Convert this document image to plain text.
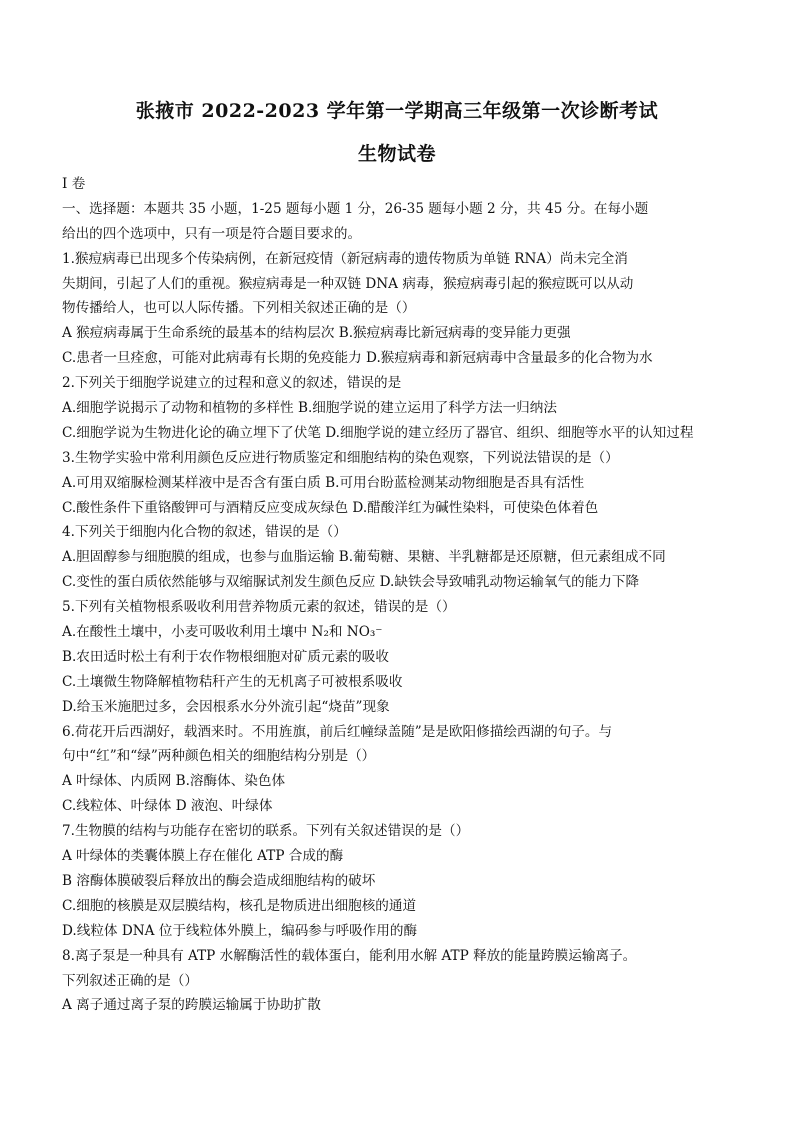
张掖市 2022-2023 学年第一学期高三年级第一次诊断考试
生物试卷
I 卷
一、选择题：本题共 35 小题，1-25 题每小题 1 分，26-35 题每小题 2 分，共 45 分。在每小题
给出的四个选项中，只有一项是符合题目要求的。
1.猴痘病毒已出现多个传染病例，在新冠疫情（新冠病毒的遗传物质为单链 RNA）尚未完全消
失期间，引起了人们的重视。猴痘病毒是一种双链 DNA 病毒，猴痘病毒引起的猴痘既可以从动
物传播给人，也可以人际传播。下列相关叙述正确的是（）
A 猴痘病毒属于生命系统的最基本的结构层次 B.猴痘病毒比新冠病毒的变异能力更强
C.患者一旦痊愈，可能对此病毒有长期的免疫能力 D.猴痘病毒和新冠病毒中含量最多的化合物为水
2.下列关于细胞学说建立的过程和意义的叙述，错误的是
A.细胞学说揭示了动物和植物的多样性 B.细胞学说的建立运用了科学方法一归纳法
C.细胞学说为生物进化论的确立埋下了伏笔 D.细胞学说的建立经历了器官、组织、细胞等水平的认知过程
3.生物学实验中常利用颜色反应进行物质鉴定和细胞结构的染色观察，下列说法错误的是（）
A.可用双缩脲检测某样液中是否含有蛋白质 B.可用台盼蓝检测某动物细胞是否具有活性
C.酸性条件下重铬酸钾可与酒精反应变成灰绿色 D.醋酸洋红为碱性染料，可使染色体着色
4.下列关于细胞内化合物的叙述，错误的是（）
A.胆固醇参与细胞膜的组成，也参与血脂运输 B.葡萄糖、果糖、半乳糖都是还原糖，但元素组成不同
C.变性的蛋白质依然能够与双缩脲试剂发生颜色反应 D.缺铁会导致哺乳动物运输氧气的能力下降
5.下列有关植物根系吸收利用营养物质元素的叙述，错误的是（）
A.在酸性土壤中，小麦可吸收利用土壤中 N₂和 NO₃⁻
B.农田适时松土有利于农作物根细胞对矿质元素的吸收
C.土壤微生物降解植物秸秆产生的无机离子可被根系吸收
D.给玉米施肥过多，会因根系水分外流引起“烧苗”现象
6.荷花开后西湖好，载酒来时。不用旌旗，前后红幢绿盖随”是是欧阳修描绘西湖的句子。与
句中“红”和“绿”两种颜色相关的细胞结构分别是（）
A 叶绿体、内质网 B.溶酶体、染色体
C.线粒体、叶绿体 D 液泡、叶绿体
7.生物膜的结构与功能存在密切的联系。下列有关叙述错误的是（）
A 叶绿体的类囊体膜上存在催化 ATP 合成的酶
B 溶酶体膜破裂后释放出的酶会造成细胞结构的破坏
C.细胞的核膜是双层膜结构，核孔是物质进出细胞核的通道
D.线粒体 DNA 位于线粒体外膜上，编码参与呼吸作用的酶
8.离子泵是一种具有 ATP 水解酶活性的载体蛋白，能利用水解 ATP 释放的能量跨膜运输离子。
下列叙述正确的是（）
A 离子通过离子泵的跨膜运输属于协助扩散
